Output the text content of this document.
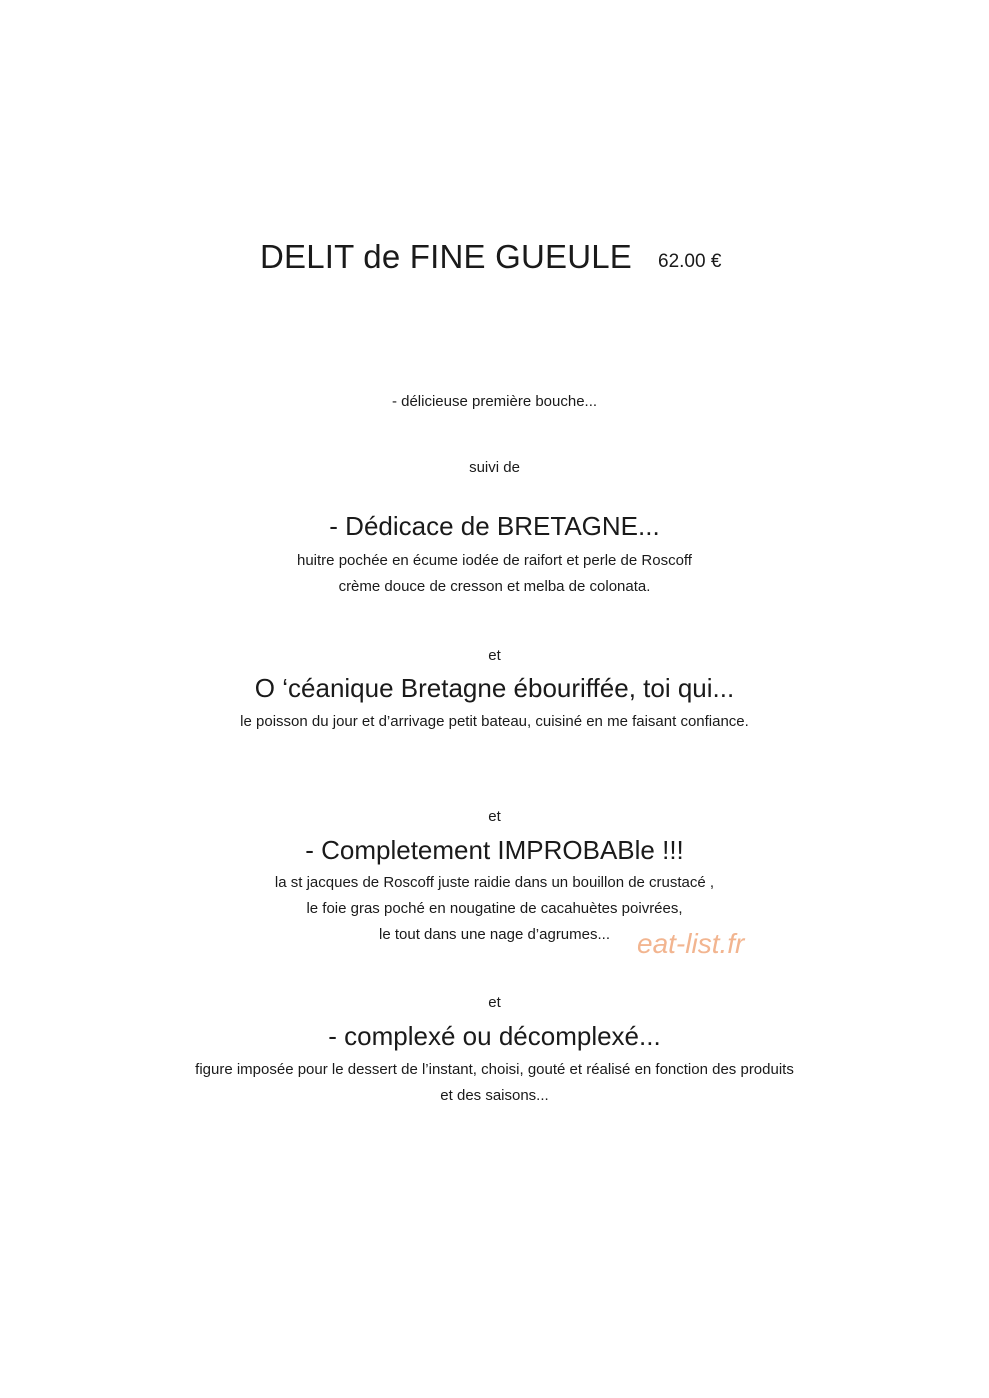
DELIT de FINE GUEULE 62.00 €
- délicieuse première bouche...
suivi de
- Dédicace de BRETAGNE...
huitre pochée en écume iodée de raifort et perle de Roscoff
crème douce de cresson et melba de colonata.
et
O ‘céanique Bretagne ébouriffée, toi qui...
le poisson du jour et d’arrivage petit bateau, cuisiné en me faisant confiance.
et
- Completement IMPROBABle !!!
la st jacques de Roscoff juste raidie dans un bouillon de crustacé ,
le foie gras poché en nougatine de cacahuètes poivrées,
le tout dans une nage d’agrumes... eat-list.fr
et
- complexé ou décomplexé...
figure imposée pour le dessert de l’instant, choisi, gouté et réalisé en fonction des produits
et des saisons...
